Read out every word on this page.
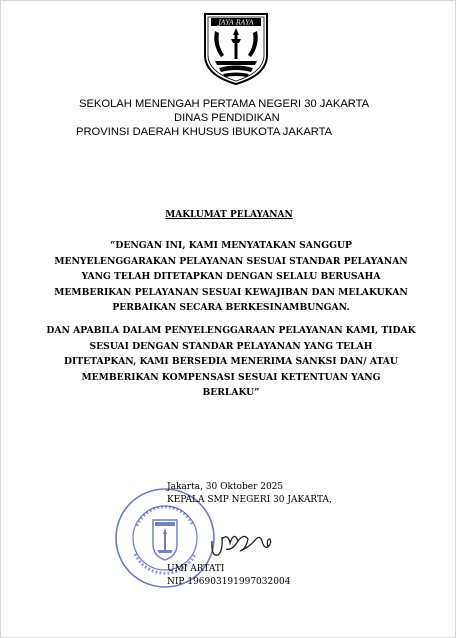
JAYA RAYA
SEKOLAH MENENGAH PERTAMA NEGERI 30 JAKARTA
DINAS PENDIDIKAN
PROVINSI DAERAH KHUSUS IBUKOTA JAKARTA
MAKLUMAT PELAYANAN
“DENGAN INI, KAMI MENYATAKAN SANGGUP
MENYELENGGARAKAN PELAYANAN SESUAI STANDAR PELAYANAN
YANG TELAH DITETAPKAN DENGAN SELALU BERUSAHA
MEMBERIKAN PELAYANAN SESUAI KEWAJIBAN DAN MELAKUKAN
PERBAIKAN SECARA BERKESINAMBUNGAN.
DAN APABILA DALAM PENYELENGGARAAN PELAYANAN KAMI, TIDAK
SESUAI DENGAN STANDAR PELAYANAN YANG TELAH
DITETAPKAN, KAMI BERSEDIA MENERIMA SANKSI DAN/ ATAU
MEMBERIKAN KOMPENSASI SESUAI KETENTUAN YANG
BERLAKU”
Jakarta, 30 Oktober 2025
KEPALA SMP NEGERI 30 JAKARTA,
UMI ARTATI
NIP 196903191997032004
